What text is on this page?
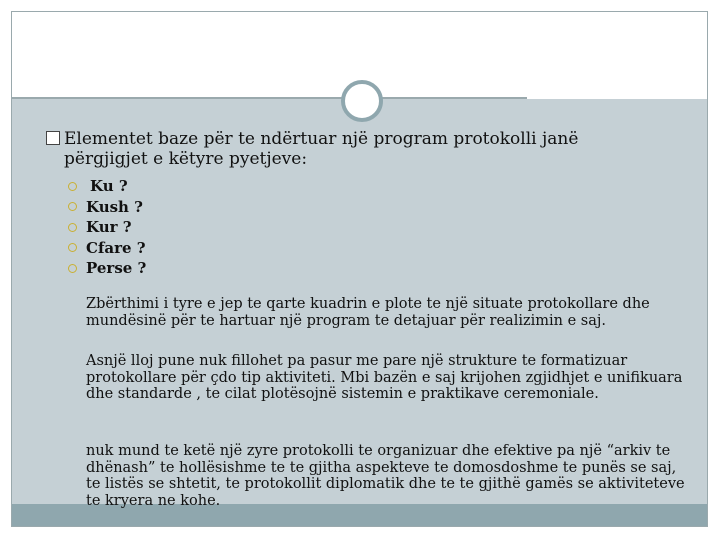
Elementet baze për te ndërtuar një program protokolli janë
përgjigjet e këtyre pyetjeve:
Ku ?
Kush ?
Kur ?
Cfare ?
Perse ?

Zbërthimi i tyre e jep te qarte kuadrin e plote te një situate protokollare dhe mundësinë për te hartuar një program te detajuar për realizimin e saj.

Asnjë lloj pune nuk fillohet pa pasur me pare një strukture te formatizuar protokollare për çdo tip aktiviteti. Mbi bazën e saj krijohen zgjidhjet e unifikuara dhe standarde , te cilat plotësojnë sistemin e praktikave ceremoniale.

nuk mund te ketë një zyre protokolli te organizuar dhe efektive pa një “arkiv te dhënash” te hollësishme te te gjitha aspekteve te domosdoshme te punës se saj, te listës se shtetit, te protokollit diplomatik dhe te te gjithë gamës se aktiviteteve te kryera ne kohe.
